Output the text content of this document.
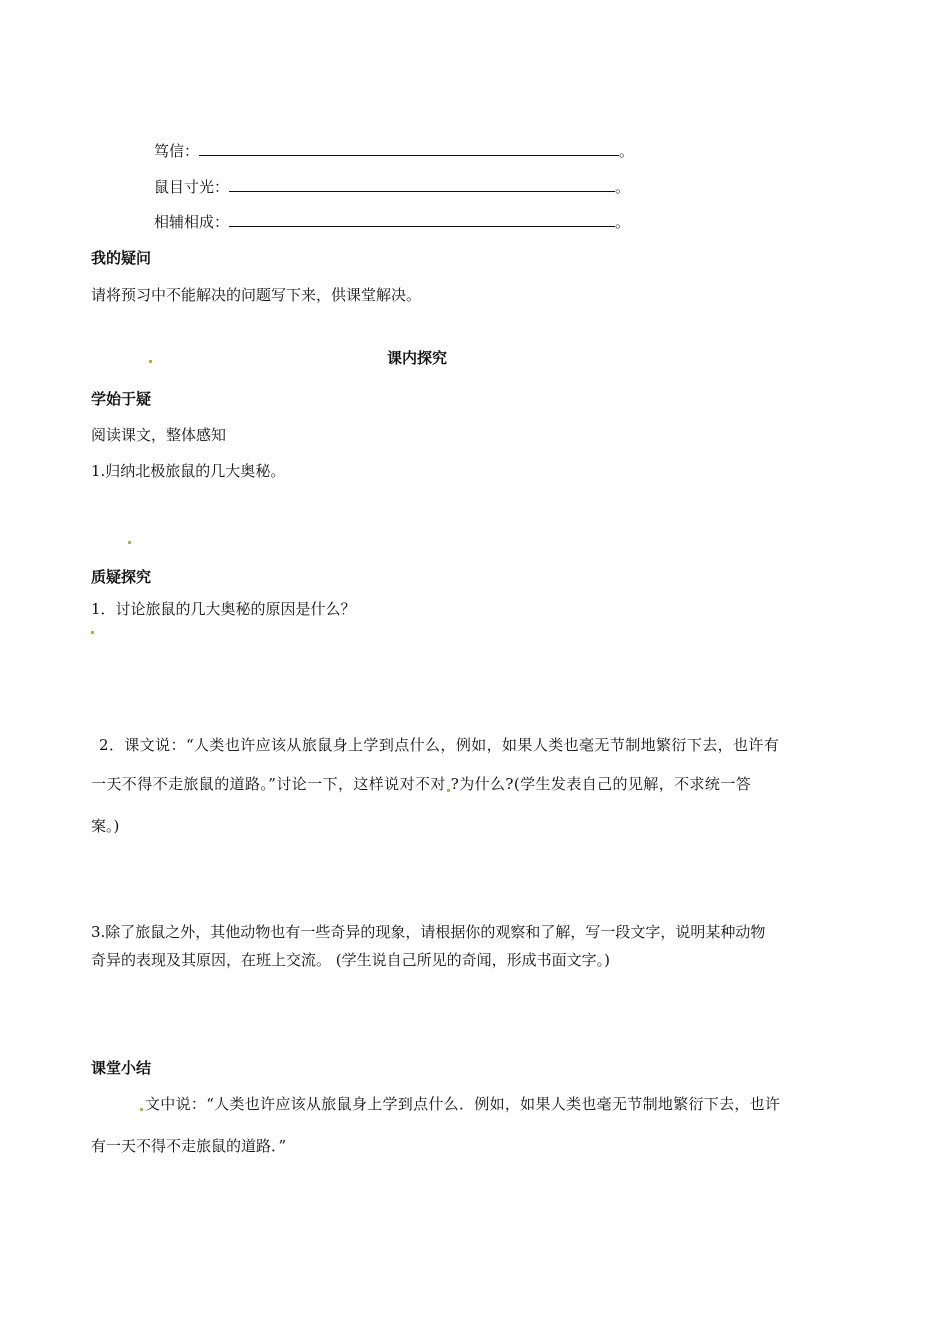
笃信：	。
鼠目寸光：	。
相辅相成：	。
我的疑问
请将预习中不能解决的问题写下来，供课堂解决。
课内探究
学始于疑
阅读课文，整体感知
1.归纳北极旅鼠的几大奥秘。
质疑探究
1．讨论旅鼠的几大奥秘的原因是什么？
2．课文说：“人类也许应该从旅鼠身上学到点什么，例如，如果人类也毫无节制地繁衍下去，也许有
一天不得不走旅鼠的道路。”讨论一下，这样说对不对 ?为什么?(学生发表自己的见解，不求统一答
案。)
3.除了旅鼠之外，其他动物也有一些奇异的现象，请根据你的观察和了解，写一段文字，说明某种动物
奇异的表现及其原因，在班上交流。 (学生说自己所见的奇闻，形成书面文字。)
课堂小结
文中说：“人类也许应该从旅鼠身上学到点什么．例如，如果人类也毫无节制地繁衍下去，也许
有一天不得不走旅鼠的道路．”
